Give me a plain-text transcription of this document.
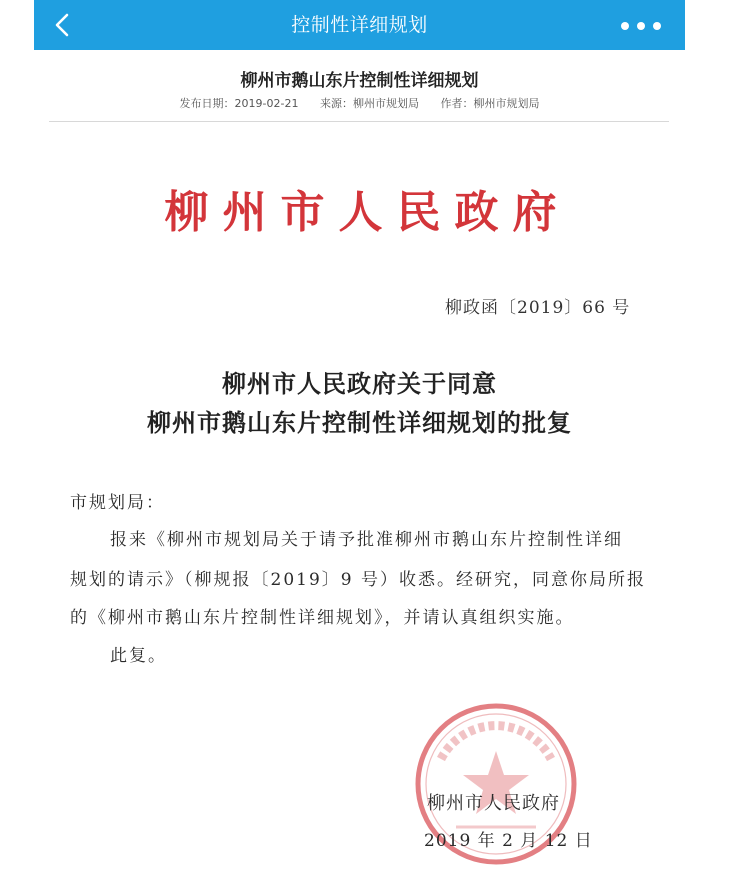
控制性详细规划
柳州市鹅山东片控制性详细规划
发布日期：2019-02-21 来源：柳州市规划局 作者：柳州市规划局
柳州市人民政府
柳政函〔2019〕66 号
柳州市人民政府关于同意
柳州市鹅山东片控制性详细规划的批复
市规划局：
报来《柳州市规划局关于请予批准柳州市鹅山东片控制性详细
规划的请示》（柳规报〔2019〕9 号）收悉。经研究，同意你局所报
的《柳州市鹅山东片控制性详细规划》，并请认真组织实施。
此复。
柳州市人民政府
2019 年 2 月 12 日
